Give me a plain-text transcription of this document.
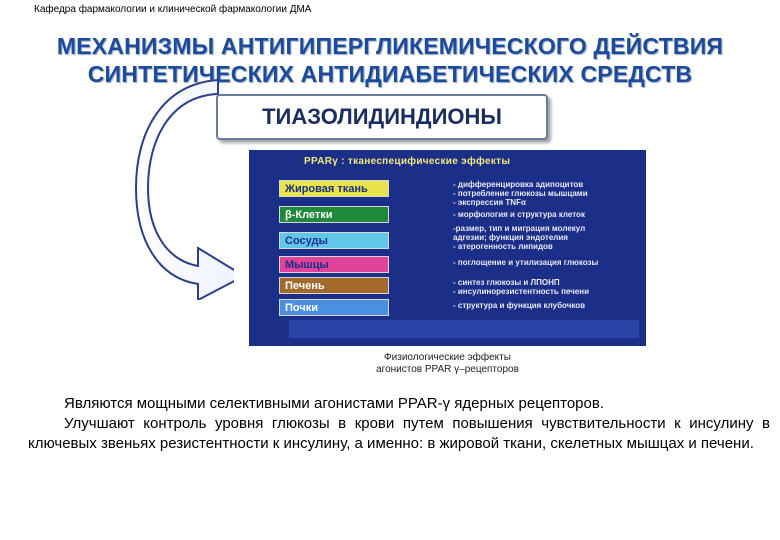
Кафедра фармакологии и клинической фармакологии ДМА
МЕХАНИЗМЫ АНТИГИПЕРГЛИКЕМИЧЕСКОГО ДЕЙСТВИЯ
СИНТЕТИЧЕСКИХ АНТИДИАБЕТИЧЕСКИХ СРЕДСТВ
ТИАЗОЛИДИНДИОНЫ
PPARγ : тканеспецифические эффекты
Жировая ткань
β-Клетки
Сосуды
Мышцы
Печень
Почки
- дифференцировка адипоцитов
- потребление глюкозы мышцами
- экспрессия TNFα
- морфология и структура клеток
-размер, тип и миграция молекул
адгезии; функция эндотелия
- атерогенность липидов
- поглощение и утилизация глюкозы
- синтез глюкозы и ЛПОНП
- инсулинорезистентность печени
- структура и функция клубочков
Физиологические эффекты
агонистов PPAR γ–рецепторов

Являются мощными селективными агонистами PPAR-γ ядерных рецепторов.

Улучшают контроль уровня глюкозы в крови путем повышения чувствительности к инсулину в ключевых звеньях резистентности к инсулину, а именно: в жировой ткани, скелетных мышцах и печени.
